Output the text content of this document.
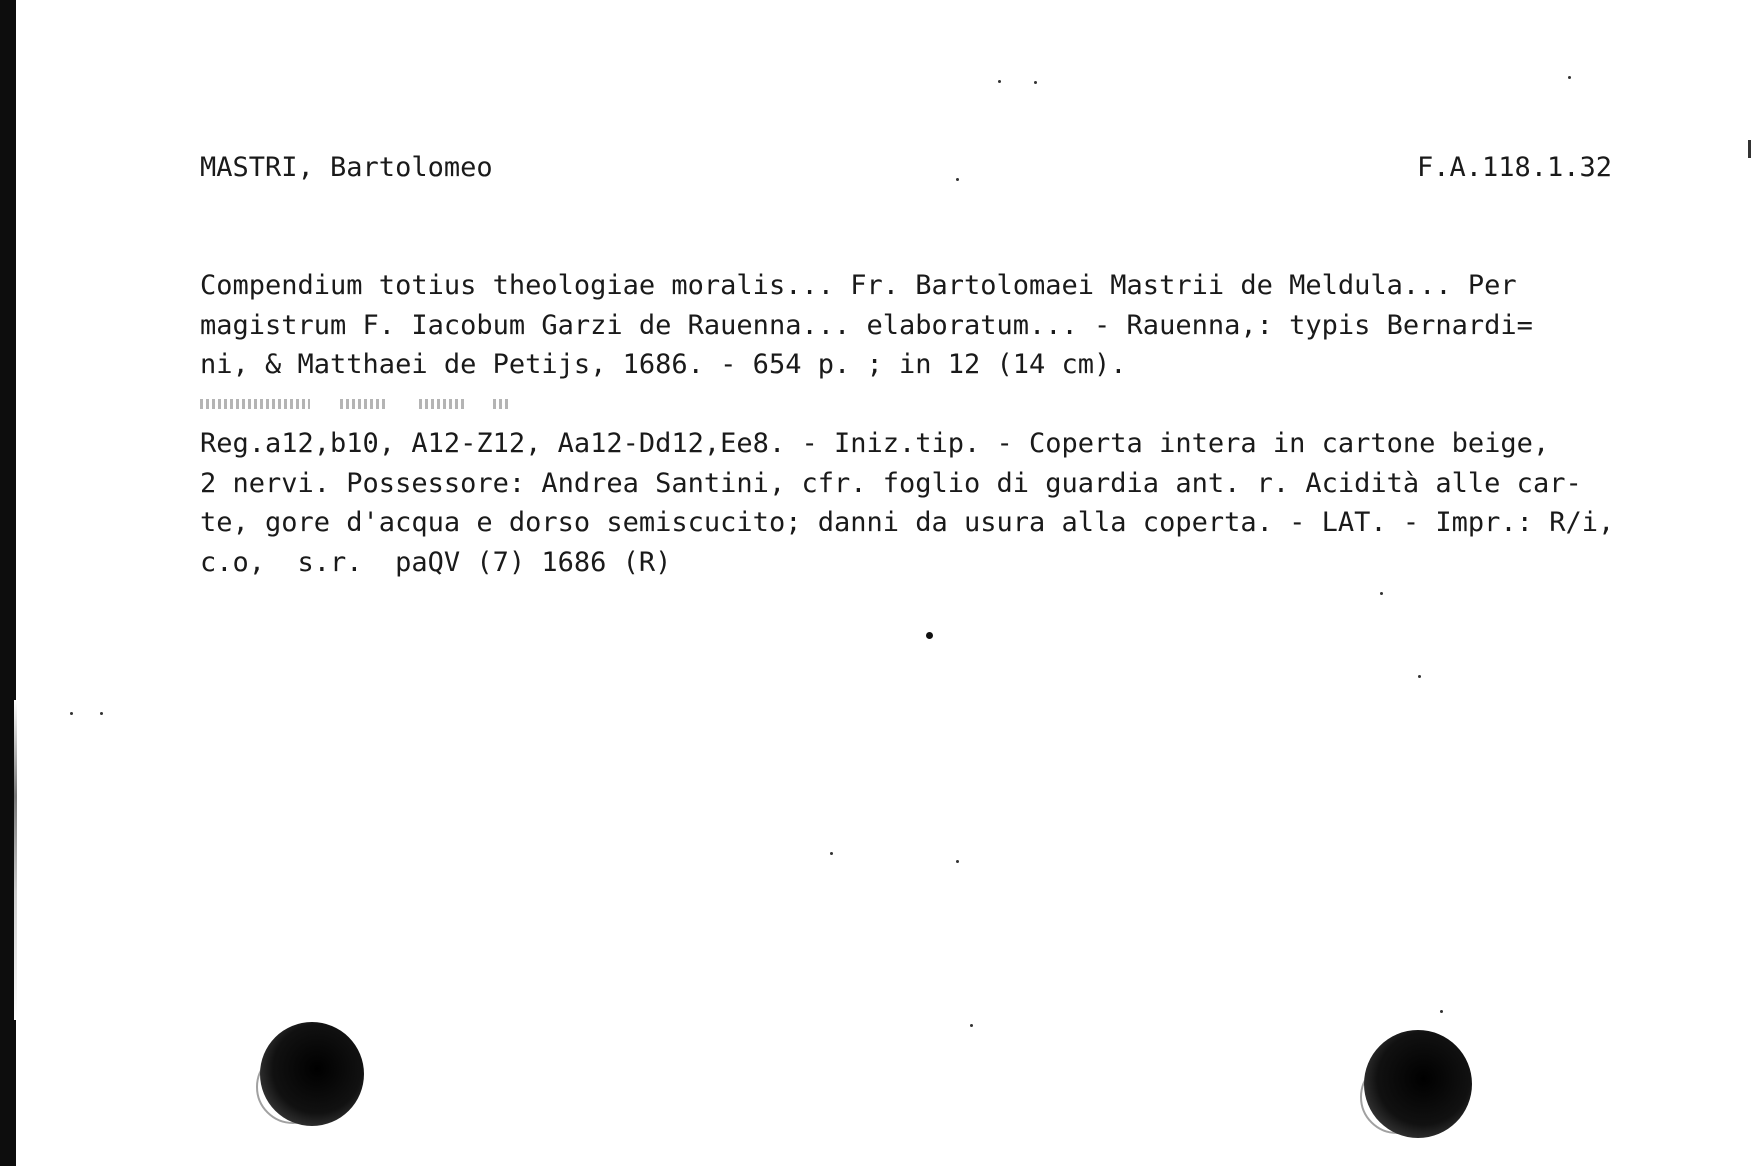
MASTRI, Bartolomeo	F.A.118.1.32
Compendium totius theologiae moralis... Fr. Bartolomaei Mastrii de Meldula... Per
magistrum F. Iacobum Garzi de Rauenna... elaboratum... - Rauenna,: typis Bernardi=
ni, & Matthaei de Petijs, 1686. - 654 p. ; in 12 (14 cm).

Reg.a12,b10, A12-Z12, Aa12-Dd12,Ee8. - Iniz.tip. - Coperta intera in cartone beige,
2 nervi. Possessore: Andrea Santini, cfr. foglio di guardia ant. r. Acidità alle car-
te, gore d'acqua e dorso semiscucito; danni da usura alla coperta. - LAT. - Impr.: R/i,
c.o,  s.r.  paQV (7) 1686 (R)
